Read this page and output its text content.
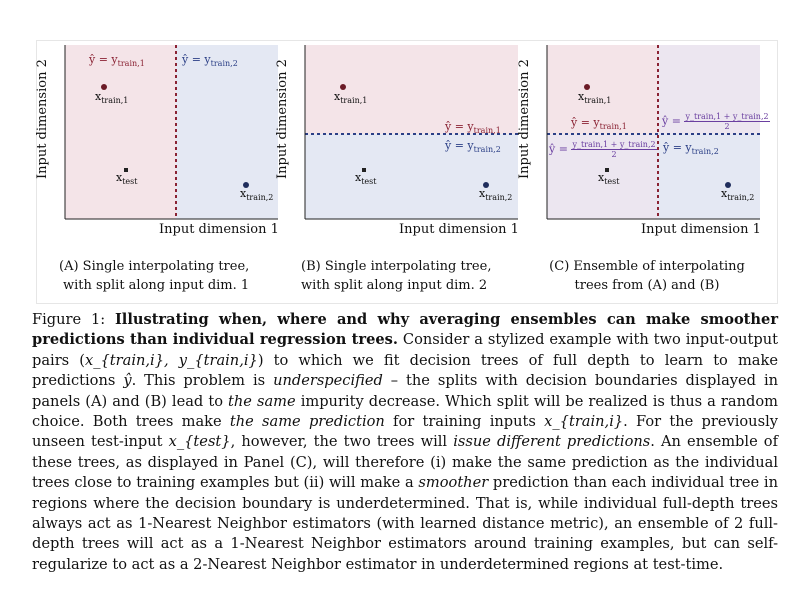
Input dimension 2
Input dimension 1
ŷ = $y_{train,1}$	ŷ = $y_{train,2}$
$x_{train,1}$
$x_{test}$
$x_{train,2}$
(A) Single interpolating tree,
with split along input dim. 1
Input dimension 2
Input dimension 1
ŷ = $y_{train,1}$
ŷ = $y_{train,2}$
$x_{train,1}$
$x_{test}$
$x_{train,2}$
(B) Single interpolating tree,
with split along input dim. 2
Input dimension 2
Input dimension 1
ŷ = $y_{train,1}$
ŷ = $y_{train,2}$
ŷ = $\frac{\text{y\_train,1 + y\_train,2}}{2}$
ŷ = $\frac{\text{y\_train,1 + y\_train,2}}{2}$
$x_{train,1}$
$x_{test}$
$x_{train,2}$
(C) Ensemble of interpolating
trees from (A) and (B)
Figure 1: Illustrating when, where and why averaging ensembles can make smoother predictions than individual regression trees. Consider a stylized example with two input-output pairs (x_{train,i}, y_{train,i}) to which we fit decision trees of full depth to learn to make predictions ŷ. This problem is underspecified – the splits with decision boundaries displayed in panels (A) and (B) lead to the same impurity decrease. Which split will be realized is thus a random choice. Both trees make the same prediction for training inputs x_{train,i}. For the previously unseen test-input x_{test}, however, the two trees will issue different predictions. An ensemble of these trees, as displayed in Panel (C), will therefore (i) make the same prediction as the individual trees close to training examples but (ii) will make a smoother prediction than each individual tree in regions where the decision boundary is underdetermined. That is, while individual full-depth trees always act as 1-Nearest Neighbor estimators (with learned distance metric), an ensemble of 2 full-depth trees will act as a 1-Nearest Neighbor estimators around training examples, but can self-regularize to act as a 2-Nearest Neighbor estimator in underdetermined regions at test-time.
